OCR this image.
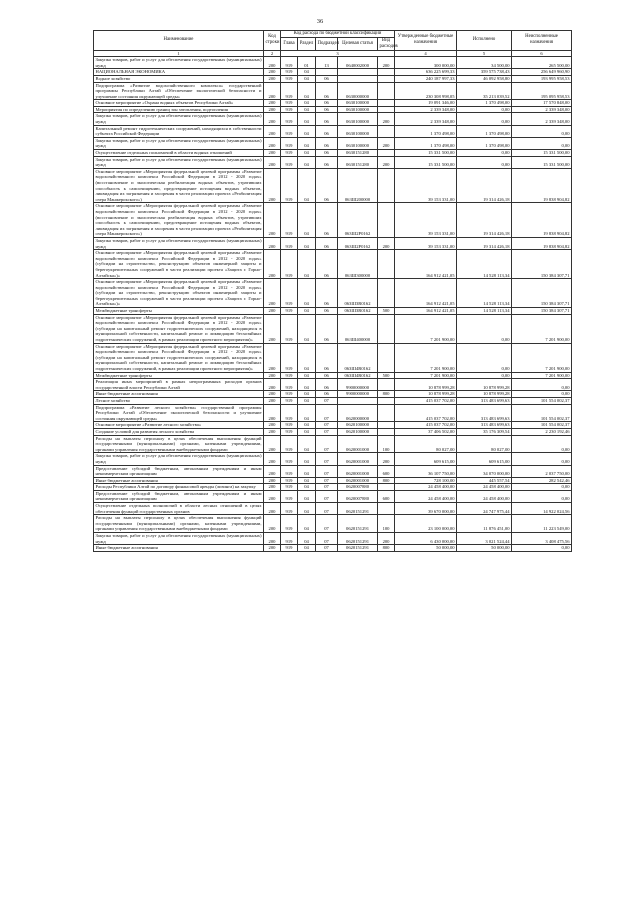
36
Наименование	Код строки	Код расхода по бюджетной классификации					Утвержденные бюджетные назначения	Исполнено	Неисполненные назначения
		Глава	Раздел	Подраздел	Целевая статья	Вид расходов			
1	2	3					4	5	6
Закупка товаров, работ и услуг для обеспечения государственных (муниципальных) нужд	200	919	01	13	0640002000	200	300 000,00	34 500,00	265 500,00
НАЦИОНАЛЬНАЯ ЭКОНОМИКА	200	919	04				636 225 699,33	359 575 738,43	256 649 960,90
Водное хозяйство	200	919	04	06			240 187 997,33	46 092 958,80	193 995 958,53
Подпрограмма «Развитие водохозяйственного комплекса» государственной программы Республики Алтай «Обеспечение экологической безопасности и улучшение состояния окружающей среды»	200	919	04	06	0630000000		230 308 998,05	35 213 039,52	195 095 958,53
Основное мероприятие «Охрана водных объектов Республики Алтай»	200	919	04	06	0630100000		19 091 346,00	1 370 498,00	17 570 848,00
Мероприятия по определению границ зон затопления, подтопления	200	919	04	06	0630100000		2 339 348,00	0,00	2 339 348,00
Закупка товаров, работ и услуг для обеспечения государственных (муниципальных) нужд	200	919	04	06	0630100000	200	2 339 348,00	0,00	2 339 348,00
Капитальный ремонт гидротехнических сооружений, находящихся в собственности субъекта Российской Федерации	200	919	04	06	0630100000		1 370 498,00	1 370 498,00	0,00
Закупка товаров, работ и услуг для обеспечения государственных (муниципальных) нужд	200	919	04	06	0630100000	200	1 370 498,00	1 370 498,00	0,00
Осуществление отдельных полномочий в области водных отношений	200	919	04	06	0630151280		15 331 500,00	0,00	15 331 500,00
Закупка товаров, работ и услуг для обеспечения государственных (муниципальных) нужд	200	919	04	06	0630151280	200	15 331 500,00	0,00	15 331 500,00
Основное мероприятие «Мероприятия федеральной целевой программы «Развитие водохозяйственного комплекса Российской Федерации в 2012 - 2020 годах» (восстановление и экологическая реабилитация водных объектов, утративших способность к самоочищению, предотвращение истощения водных объектов, ликвидация их загрязнения и засорения в части реализации проекта «Реабилитация озера Манжерокского»)	200	919	04	06	063Ш200000		39 153 331,00	19 314 426,18	19 838 904,82
Основное мероприятие «Мероприятия федеральной целевой программы «Развитие водохозяйственного комплекса Российской Федерации в 2012 - 2020 годах» (восстановление и экологическая реабилитация водных объектов, утративших способность к самоочищению, предотвращение истощения водных объектов, ликвидация их загрязнения и засорения в части реализации проекта «Реабилитация озера Манжерокского»)	200	919	04	06	063Ш2Р0162		39 153 331,00	19 314 426,18	19 838 904,82
Закупка товаров, работ и услуг для обеспечения государственных (муниципальных) нужд	200	919	04	06	063Ш2Р0162	200	39 153 331,00	19 314 426,18	19 838 904,82
Основное мероприятие «Мероприятия федеральной целевой программы «Развитие водохозяйственного комплекса Российской Федерации в 2012 - 2020 годах» (субсидии на строительство, реконструкцию объектов инженерной защиты и берегоукрепительных сооружений в части реализации проекта «Защита г. Горно-Алтайска»)»	200	919	04	06	063Ш300000		164 912 421,05	14 528 113,34	150 384 307,71
Основное мероприятие «Мероприятия федеральной целевой программы «Развитие водохозяйственного комплекса Российской Федерации в 2012 - 2020 годах» (субсидии на строительство, реконструкцию объектов инженерной защиты и берегоукрепительных сооружений в части реализации проекта «Защита г. Горно-Алтайска»)»	200	919	04	06	063Ш3R0162		164 912 421,05	14 528 113,34	150 384 307,71
Межбюджетные трансферты	200	919	04	06	063Ш3R0162	500	164 912 421,05	14 528 113,34	150 384 307,71
Основное мероприятие «Мероприятия федеральной целевой программы «Развитие водохозяйственного комплекса Российской Федерации в 2012 - 2020 годах» (субсидии на капитальный ремонт гидротехнических сооружений, находящихся в муниципальной собственности, капитальный ремонт и ликвидацию бесхозяйных гидротехнических сооружений, в рамках реализации проектного мероприятия)»	200	919	04	06	063Ш400000		7 201 900,00	0,00	7 201 900,00
Основное мероприятие «Мероприятия федеральной целевой программы «Развитие водохозяйственного комплекса Российской Федерации в 2012 - 2020 годах» (субсидии на капитальный ремонт гидротехнических сооружений, находящихся в муниципальной собственности, капитальный ремонт и ликвидацию бесхозяйных гидротехнических сооружений, в рамках реализации проектного мероприятия)»	200	919	04	06	063Ш4R0162		7 201 900,00	0,00	7 201 900,00
Межбюджетные трансферты	200	919	04	06	063Ш4R0162	500	7 201 900,00	0,00	7 201 900,00
Реализация иных мероприятий в рамках непрограммных расходов органов государственной власти Республики Алтай	200	919	04	06	9900000000		10 878 999,28	10 878 999,28	0,00
Иные бюджетные ассигнования	200	919	04	06	9900000000	800	10 878 999,28	10 878 999,28	0,00
Лесное хозяйство	200	919	04	07			415 037 702,00	313 483 699,63	101 554 002,37
Подпрограмма «Развитие лесного хозяйства» государственной программы Республики Алтай «Обеспечение экологической безопасности и улучшение состояния окружающей среды»	200	919	04	07	0620000000		415 037 702,00	313 483 699,63	101 554 002,37
Основное мероприятие «Развитие лесного хозяйства»	200	919	04	07	0620100000		415 037 702,00	313 483 699,63	101 554 002,37
Создание условий для развития лесного хозяйства	200	919	04	07	0620100000		37 406 502,00	35 176 309,54	2 230 192,46
Расходы на выплаты персоналу в целях обеспечения выполнения функций государственными (муниципальными) органами, казенными учреждениями, органами управления государственными внебюджетными фондами	200	919	04	07	0620001000	100	80 027,00	80 027,00	0,00
Закупка товаров, работ и услуг для обеспечения государственных (муниципальных) нужд	200	919	04	07	0620001000	200	609 615,00	609 615,00	0,00
Предоставление субсидий бюджетным, автономным учреждениям и иным некоммерческим организациям	200	919	04	07	0620001000	600	36 107 750,00	34 070 000,00	2 037 750,00
Иные бюджетные ассигнования	200	919	04	07	0620001000	800	728 100,00	445 557,54	282 542,46
Расходы Республики Алтай по договору финансовой аренды (лизинга) на закупку	200	919	04	07	0620007880		24 458 400,00	24 458 400,00	0,00
Предоставление субсидий бюджетным, автономным учреждениям и иным некоммерческим организациям	200	919	04	07	0620007880	600	24 458 400,00	24 458 400,00	0,00
Осуществление отдельных полномочий в области лесных отношений в целях обеспечения функций государственных органов	200	919	04	07	0620151291		39 670 000,00	24 747 975,44	14 922 024,56
Расходы на выплаты персоналу в целях обеспечения выполнения функций государственными (муниципальными) органами, казенными учреждениями, органами управления государственными внебюджетными фондами	200	919	04	07	0620151291	100	23 100 000,00	11 876 451,00	11 223 549,00
Закупка товаров, работ и услуг для обеспечения государственных (муниципальных) нужд	200	919	04	07	0620151291	200	6 430 000,00	3 021 524,44	3 408 475,56
Иные бюджетные ассигнования	200	919	04	07	0620151291	800	50 000,00	50 000,00	0,00
